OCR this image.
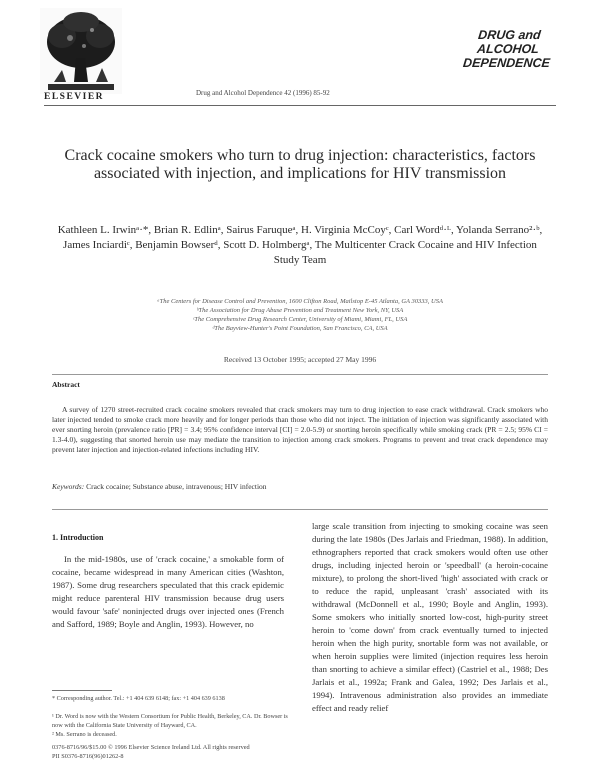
ELSEVIER	Drug and Alcohol Dependence 42 (1996) 85-92
DRUG and
ALCOHOL
DEPENDENCE
Crack cocaine smokers who turn to drug injection: characteristics, factors associated with injection, and implications for HIV transmission
Kathleen L. Irwinᵃ·*, Brian R. Edlinᵃ, Sairus Faruqueᵃ, H. Virginia McCoyᶜ, Carl Wordᵈ·ᴸ, Yolanda Serrano²·ᵇ, James Inciardiᶜ, Benjamin Bowserᵈ, Scott D. Holmbergᵃ, The Multicenter Crack Cocaine and HIV Infection Study Team
ᵃThe Centers for Disease Control and Prevention, 1600 Clifton Road, Mailstop E-45 Atlanta, GA 30333, USA
ᵇThe Association for Drug Abuse Prevention and Treatment New York, NY, USA
ᶜThe Comprehensive Drug Research Center, University of Miami, Miami, FL, USA
ᵈThe Bayview-Hunter's Point Foundation, San Francisco, CA, USA
Received 13 October 1995; accepted 27 May 1996
Abstract
A survey of 1270 street-recruited crack cocaine smokers revealed that crack smokers may turn to drug injection to ease crack withdrawal. Crack smokers who later injected tended to smoke crack more heavily and for longer periods than those who did not inject. The initiation of injection was significantly associated with ever snorting heroin (prevalence ratio [PR] = 3.4; 95% confidence interval [CI] = 2.0-5.9) or snorting heroin specifically while smoking crack (PR = 2.5; 95% CI = 1.3-4.0), suggesting that snorted heroin use may mediate the transition to injection among crack smokers. Programs to prevent and treat crack dependence may prevent later injection and injection-related infections including HIV.
Keywords: Crack cocaine; Substance abuse, intravenous; HIV infection
1. Introduction
In the mid-1980s, use of 'crack cocaine,' a smokable form of cocaine, became widespread in many American cities (Washton, 1987). Some drug researchers speculated that this crack epidemic might reduce parenteral HIV transmission because drug users would favour 'safe' noninjected drugs over injected ones (French and Safford, 1989; Boyle and Anglin, 1993). However, no
large scale transition from injecting to smoking cocaine was seen during the late 1980s (Des Jarlais and Friedman, 1988). In addition, ethnographers reported that crack smokers would often use other drugs, including injected heroin or 'speedball' (a heroin-cocaine mixture), to prolong the short-lived 'high' associated with crack or to reduce the rapid, unpleasant 'crash' associated with its withdrawal (McDonnell et al., 1990; Boyle and Anglin, 1993). Some smokers who initially snorted low-cost, high-purity street heroin to 'come down' from crack eventually turned to injected heroin when the high purity, snortable form was not available, or when heroin supplies were limited (injection requires less heroin than snorting to achieve a similar effect) (Castriel et al., 1988; Des Jarlais et al., 1992a; Frank and Galea, 1992; Des Jarlais et al., 1994). Intravenous administration also provides an immediate effect and ready relief
* Corresponding author. Tel.: +1 404 639 6148; fax: +1 404 639 6138
¹ Dr. Word is now with the Western Consortium for Public Health, Berkeley, CA. Dr. Bowser is now with the California State University of Hayward, CA.
² Ms. Serrano is deceased.
0376-8716/96/$15.00 © 1996 Elsevier Science Ireland Ltd. All rights reserved
PII S0376-8716(96)01262-8
